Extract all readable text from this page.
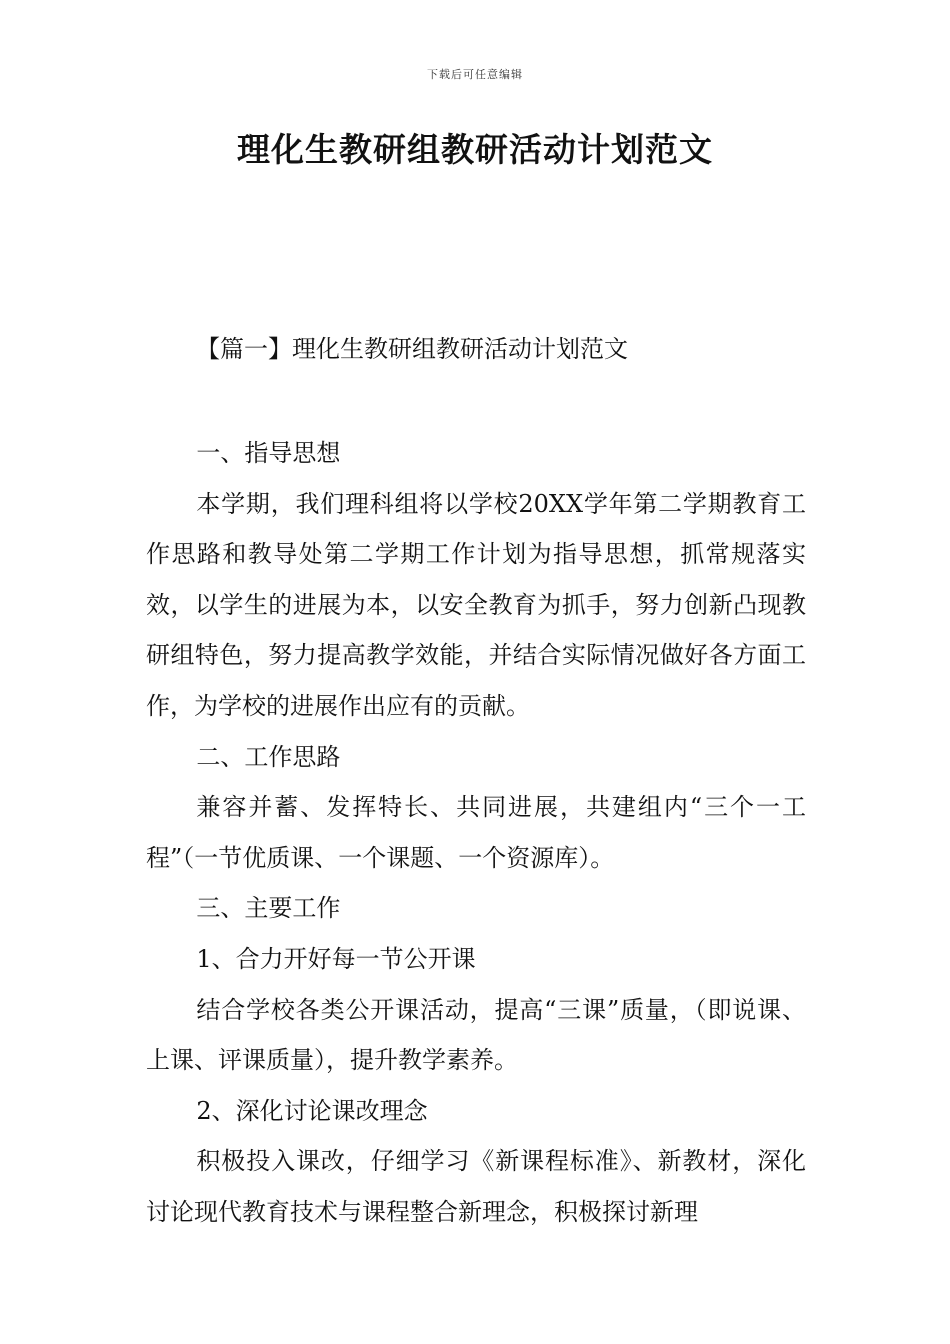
下载后可任意编辑
理化生教研组教研活动计划范文
【篇一】理化生教研组教研活动计划范文

一、指导思想

本学期，我们理科组将以学校20XX学年第二学期教育工作思路和教导处第二学期工作计划为指导思想，抓常规落实效，以学生的进展为本，以安全教育为抓手，努力创新凸现教研组特色，努力提高教学效能，并结合实际情况做好各方面工作，为学校的进展作出应有的贡献。

二、工作思路

兼容并蓄、发挥特长、共同进展，共建组内“三个一工程”（一节优质课、一个课题、一个资源库）。

三、主要工作

1、合力开好每一节公开课

结合学校各类公开课活动，提高“三课”质量，（即说课、上课、评课质量），提升教学素养。

2、深化讨论课改理念

积极投入课改，仔细学习《新课程标准》、新教材，深化讨论现代教育技术与课程整合新理念，积极探讨新理
